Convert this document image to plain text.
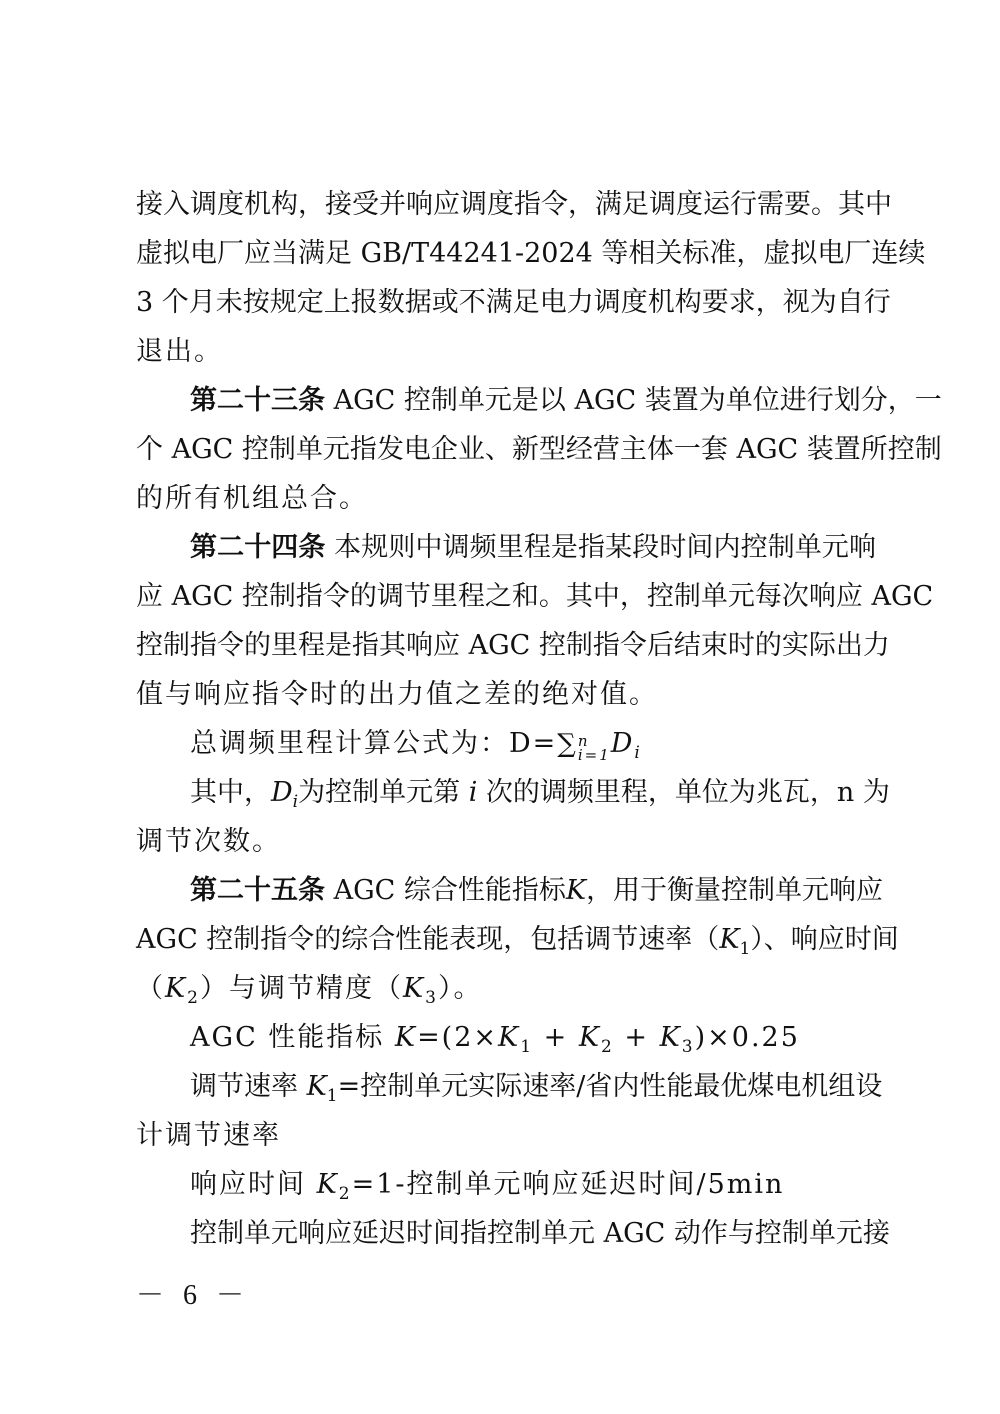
接入调度机构，接受并响应调度指令，满足调度运行需要。其中
虚拟电厂应当满足 GB/T44241-2024 等相关标准，虚拟电厂连续
3 个月未按规定上报数据或不满足电力调度机构要求，视为自行
退出。
第二十三条 AGC 控制单元是以 AGC 装置为单位进行划分，一
个 AGC 控制单元指发电企业、新型经营主体一套 AGC 装置所控制
的所有机组总合。
第二十四条 本规则中调频里程是指某段时间内控制单元响
应 AGC 控制指令的调节里程之和。其中，控制单元每次响应 AGC
控制指令的里程是指其响应 AGC 控制指令后结束时的实际出力
值与响应指令时的出力值之差的绝对值。
总调频里程计算公式为：D=∑ n
i=1 $D_i$
其中，$D_i$为控制单元第 i 次的调频里程，单位为兆瓦，n 为
调节次数。
第二十五条 AGC 综合性能指标K，用于衡量控制单元响应
AGC 控制指令的综合性能表现，包括调节速率$(K_1)$、响应时间
$(K_2)$与调节精度$(K_3)$。
AGC 性能指标 $K=(2\times K_1 + K_2 + K_3)\times 0.25$
调节速率 $K_1=$控制单元实际速率/省内性能最优煤电机组设
计调节速率
响应时间 $K_2=1-$控制单元响应延迟时间/5min
控制单元响应延迟时间指控制单元 AGC 动作与控制单元接
－ 6 －
